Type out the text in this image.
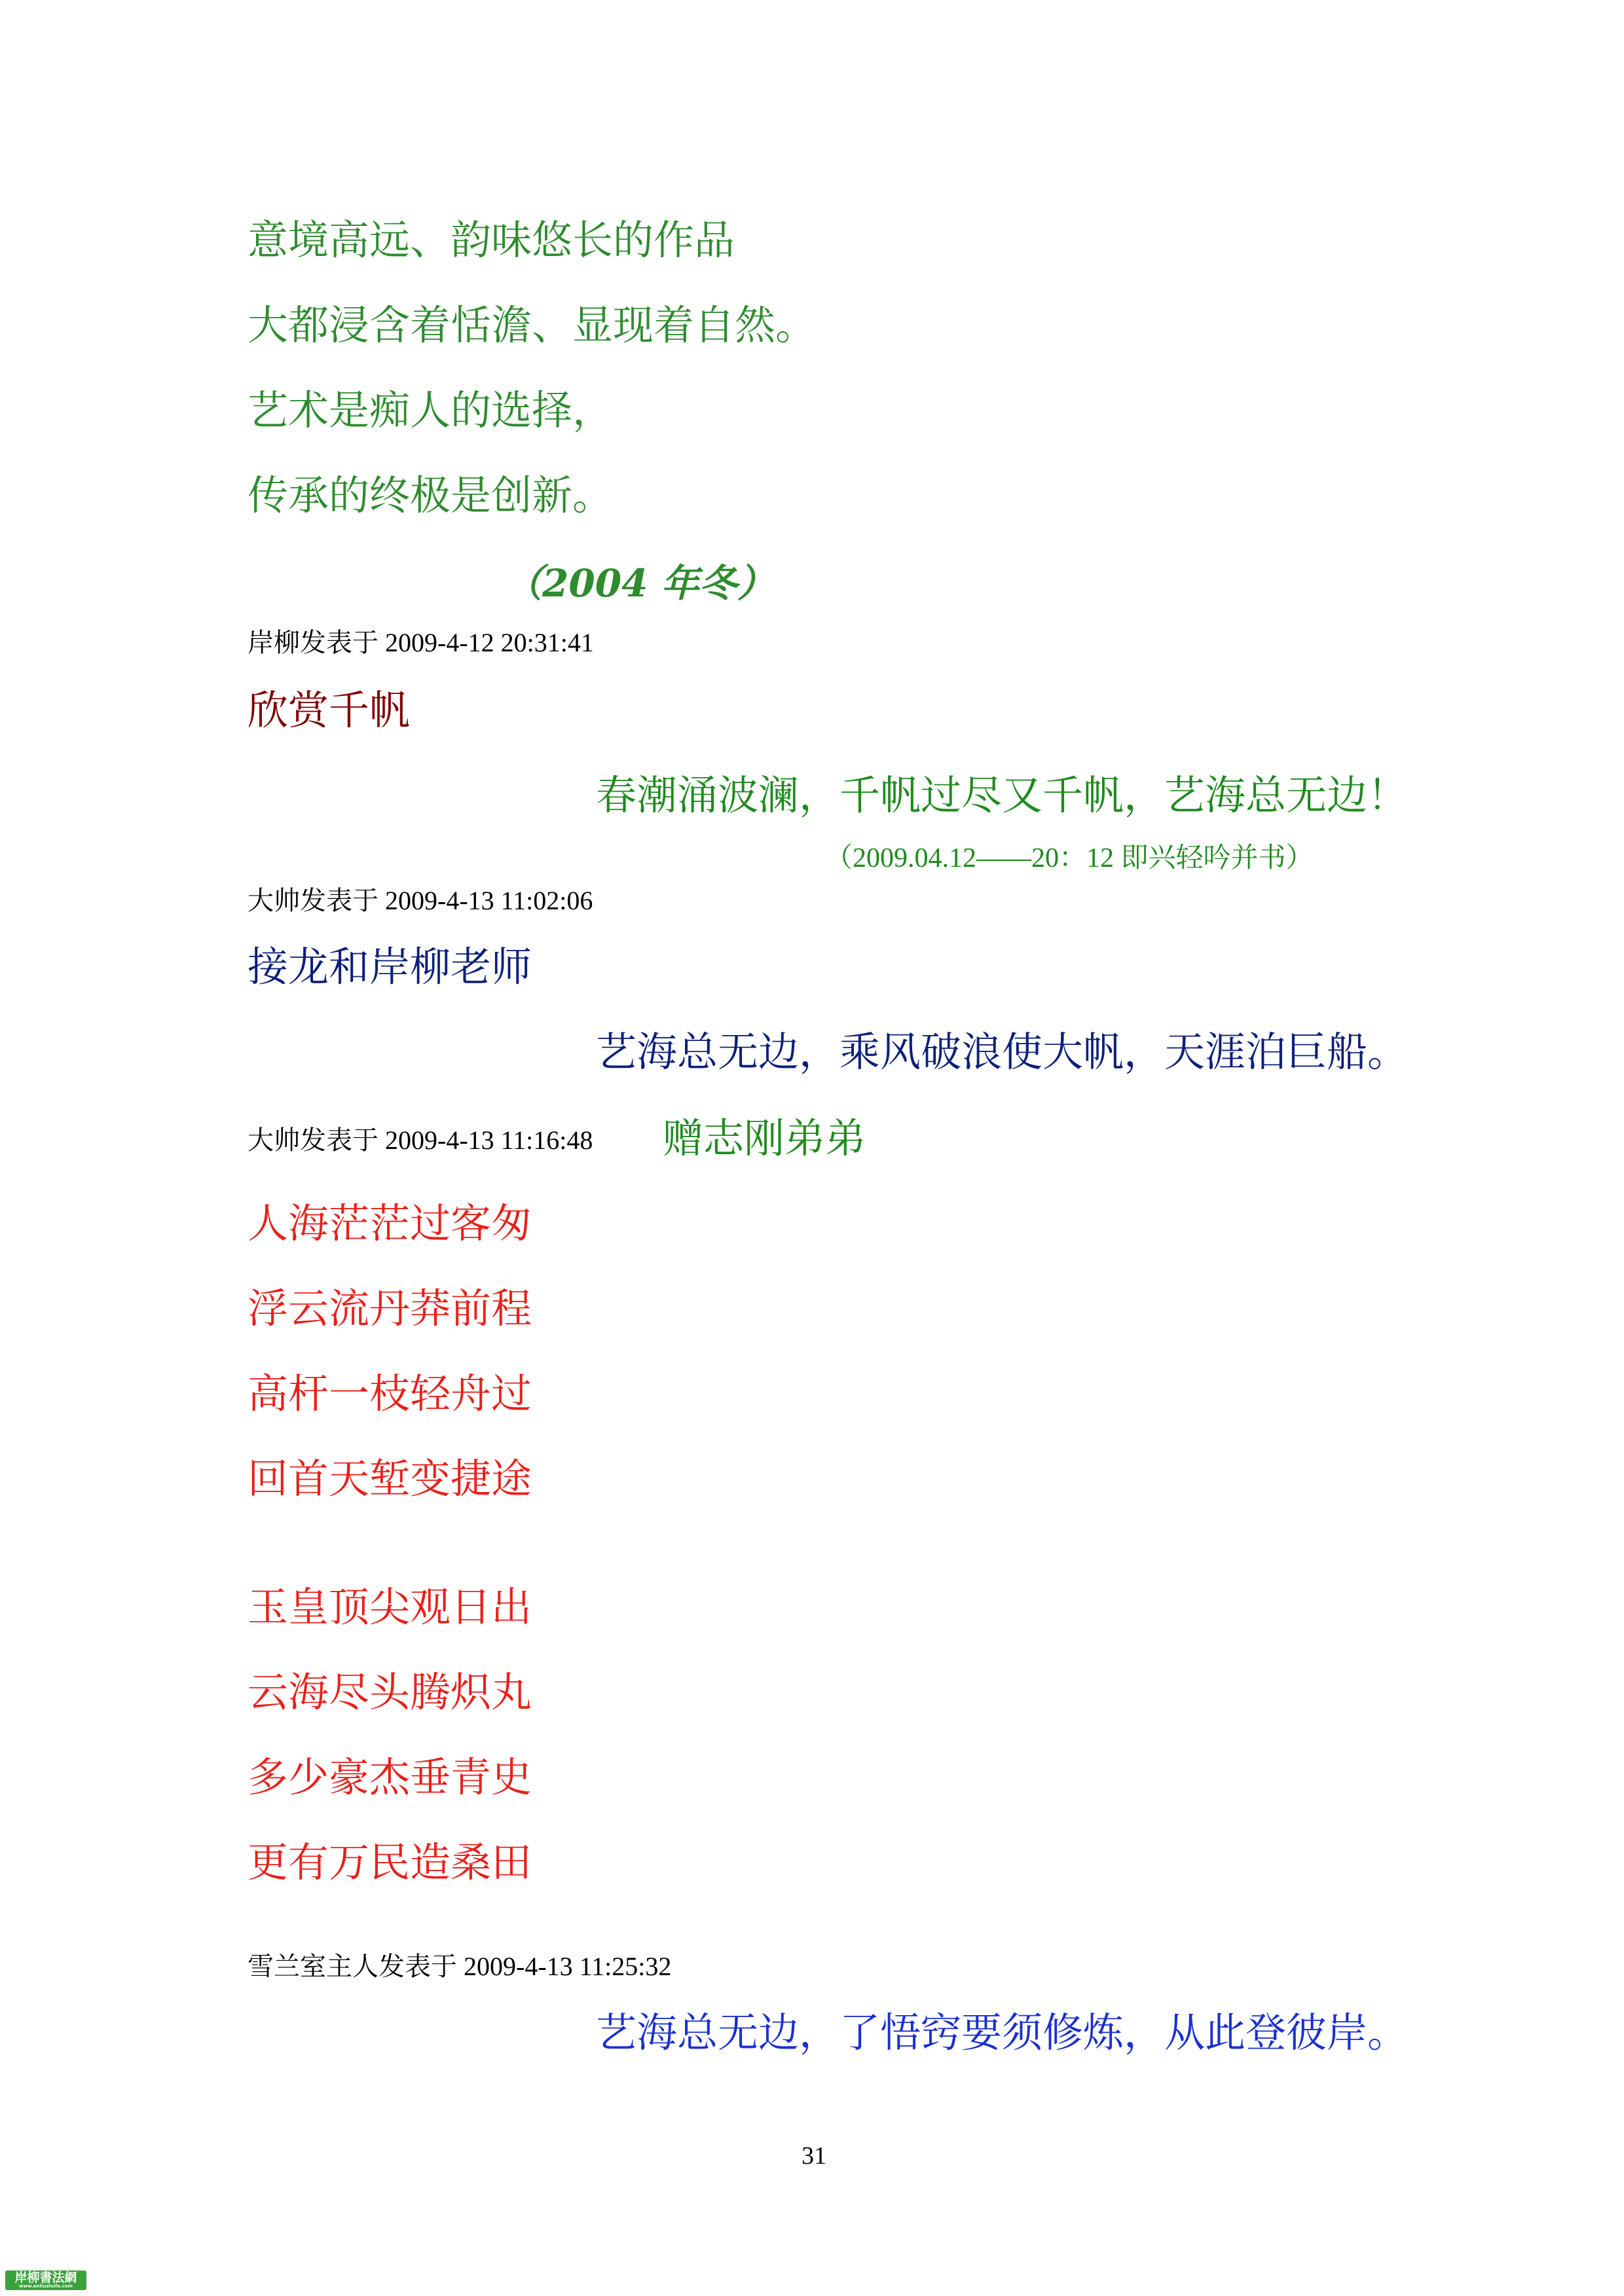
意境高远、韵味悠长的作品
大都浸含着恬澹、显现着自然。
艺术是痴人的选择，
传承的终极是创新。
（2004 年冬）
岸柳发表于 2009-4-12 20:31:41
欣赏千帆
春潮涌波澜，千帆过尽又千帆，艺海总无边！
（2009.04.12——20：12 即兴轻吟并书）
大帅发表于 2009-4-13 11:02:06
接龙和岸柳老师
艺海总无边，乘风破浪使大帆，天涯泊巨船。
大帅发表于 2009-4-13 11:16:48 赠志刚弟弟
人海茫茫过客匆
浮云流丹莽前程
高杆一枝轻舟过
回首天堑变捷途
玉皇顶尖观日出
云海尽头腾炽丸
多少豪杰垂青史
更有万民造桑田
雪兰室主人发表于 2009-4-13 11:25:32
艺海总无边，了悟窍要须修炼，从此登彼岸。
31
岸柳書法網
www.anliushufa.com
